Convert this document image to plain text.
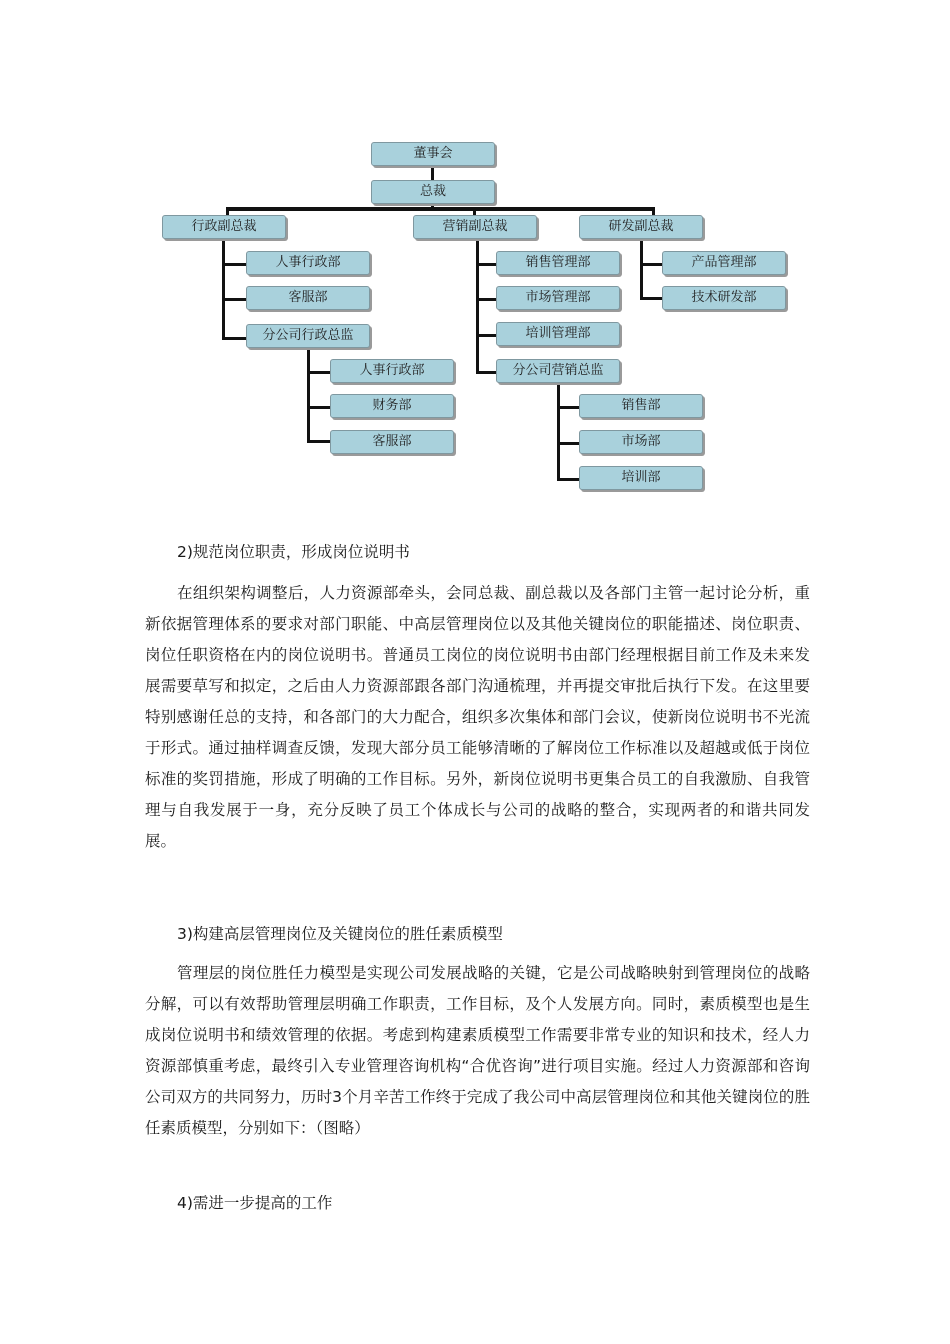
董事会
总裁
行政副总裁	营销副总裁	研发副总裁
人事行政部
客服部
分公司行政总监
人事行政部
财务部
客服部
销售管理部
市场管理部
培训管理部
分公司营销总监
销售部
市场部
培训部
产品管理部
技术研发部

2)规范岗位职责，形成岗位说明书

在组织架构调整后，人力资源部牵头，会同总裁、副总裁以及各部门主管一起讨论分析，重新依据管理体系的要求对部门职能、中高层管理岗位以及其他关键岗位的职能描述、岗位职责、岗位任职资格在内的岗位说明书。普通员工岗位的岗位说明书由部门经理根据目前工作及未来发展需要草写和拟定，之后由人力资源部跟各部门沟通梳理，并再提交审批后执行下发。在这里要特别感谢任总的支持，和各部门的大力配合，组织多次集体和部门会议，使新岗位说明书不光流于形式。通过抽样调查反馈，发现大部分员工能够清晰的了解岗位工作标准以及超越或低于岗位标准的奖罚措施，形成了明确的工作目标。另外，新岗位说明书更集合员工的自我激励、自我管理与自我发展于一身，充分反映了员工个体成长与公司的战略的整合，实现两者的和谐共同发展。

3)构建高层管理岗位及关键岗位的胜任素质模型

管理层的岗位胜任力模型是实现公司发展战略的关键，它是公司战略映射到管理岗位的战略分解，可以有效帮助管理层明确工作职责，工作目标，及个人发展方向。同时，素质模型也是生成岗位说明书和绩效管理的依据。考虑到构建素质模型工作需要非常专业的知识和技术，经人力资源部慎重考虑，最终引入专业管理咨询机构“合优咨询”进行项目实施。经过人力资源部和咨询公司双方的共同努力，历时3个月辛苦工作终于完成了我公司中高层管理岗位和其他关键岗位的胜任素质模型，分别如下：（图略）

4)需进一步提高的工作
